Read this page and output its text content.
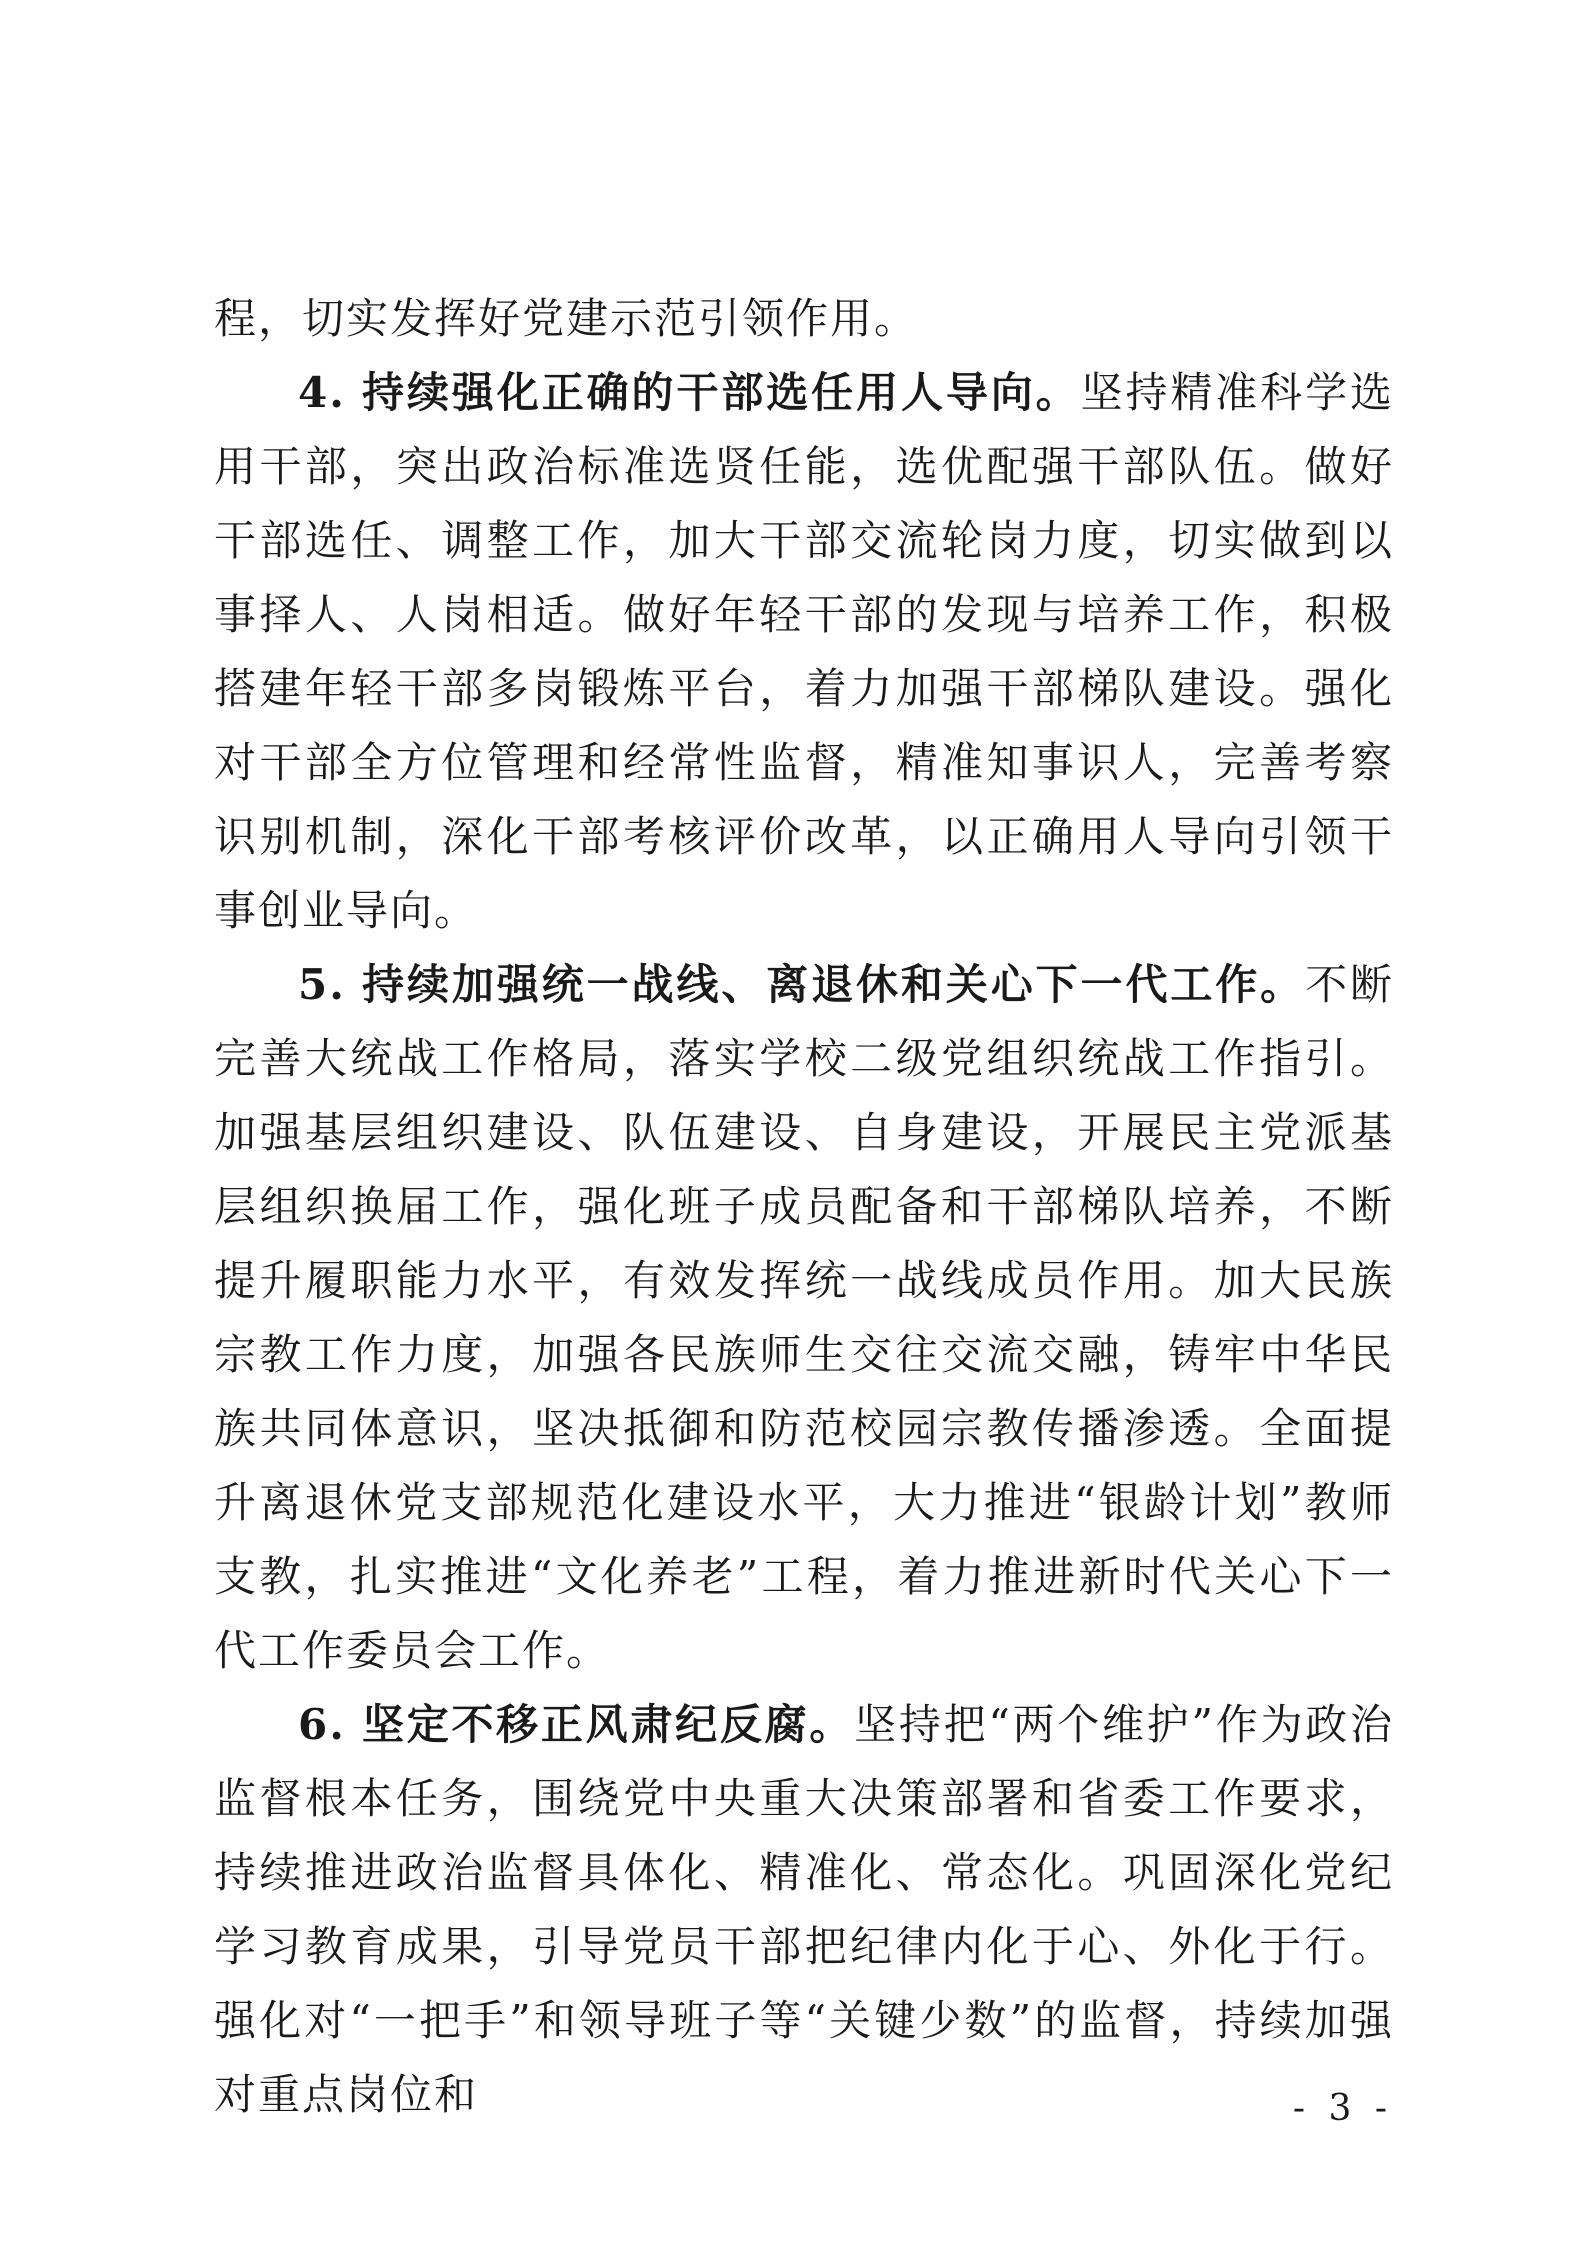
程，切实发挥好党建示范引领作用。

4. 持续强化正确的干部选任用人导向。坚持精准科学选用干部，突出政治标准选贤任能，选优配强干部队伍。做好干部选任、调整工作，加大干部交流轮岗力度，切实做到以事择人、人岗相适。做好年轻干部的发现与培养工作，积极搭建年轻干部多岗锻炼平台，着力加强干部梯队建设。强化对干部全方位管理和经常性监督，精准知事识人，完善考察识别机制，深化干部考核评价改革，以正确用人导向引领干事创业导向。

5. 持续加强统一战线、离退休和关心下一代工作。不断完善大统战工作格局，落实学校二级党组织统战工作指引。加强基层组织建设、队伍建设、自身建设，开展民主党派基层组织换届工作，强化班子成员配备和干部梯队培养，不断提升履职能力水平，有效发挥统一战线成员作用。加大民族宗教工作力度，加强各民族师生交往交流交融，铸牢中华民族共同体意识，坚决抵御和防范校园宗教传播渗透。全面提升离退休党支部规范化建设水平，大力推进“银龄计划”教师支教，扎实推进“文化养老”工程，着力推进新时代关心下一代工作委员会工作。

6. 坚定不移正风肃纪反腐。坚持把“两个维护”作为政治监督根本任务，围绕党中央重大决策部署和省委工作要求，持续推进政治监督具体化、精准化、常态化。巩固深化党纪学习教育成果，引导党员干部把纪律内化于心、外化于行。强化对“一把手”和领导班子等“关键少数”的监督，持续加强对重点岗位和	- 3 -
